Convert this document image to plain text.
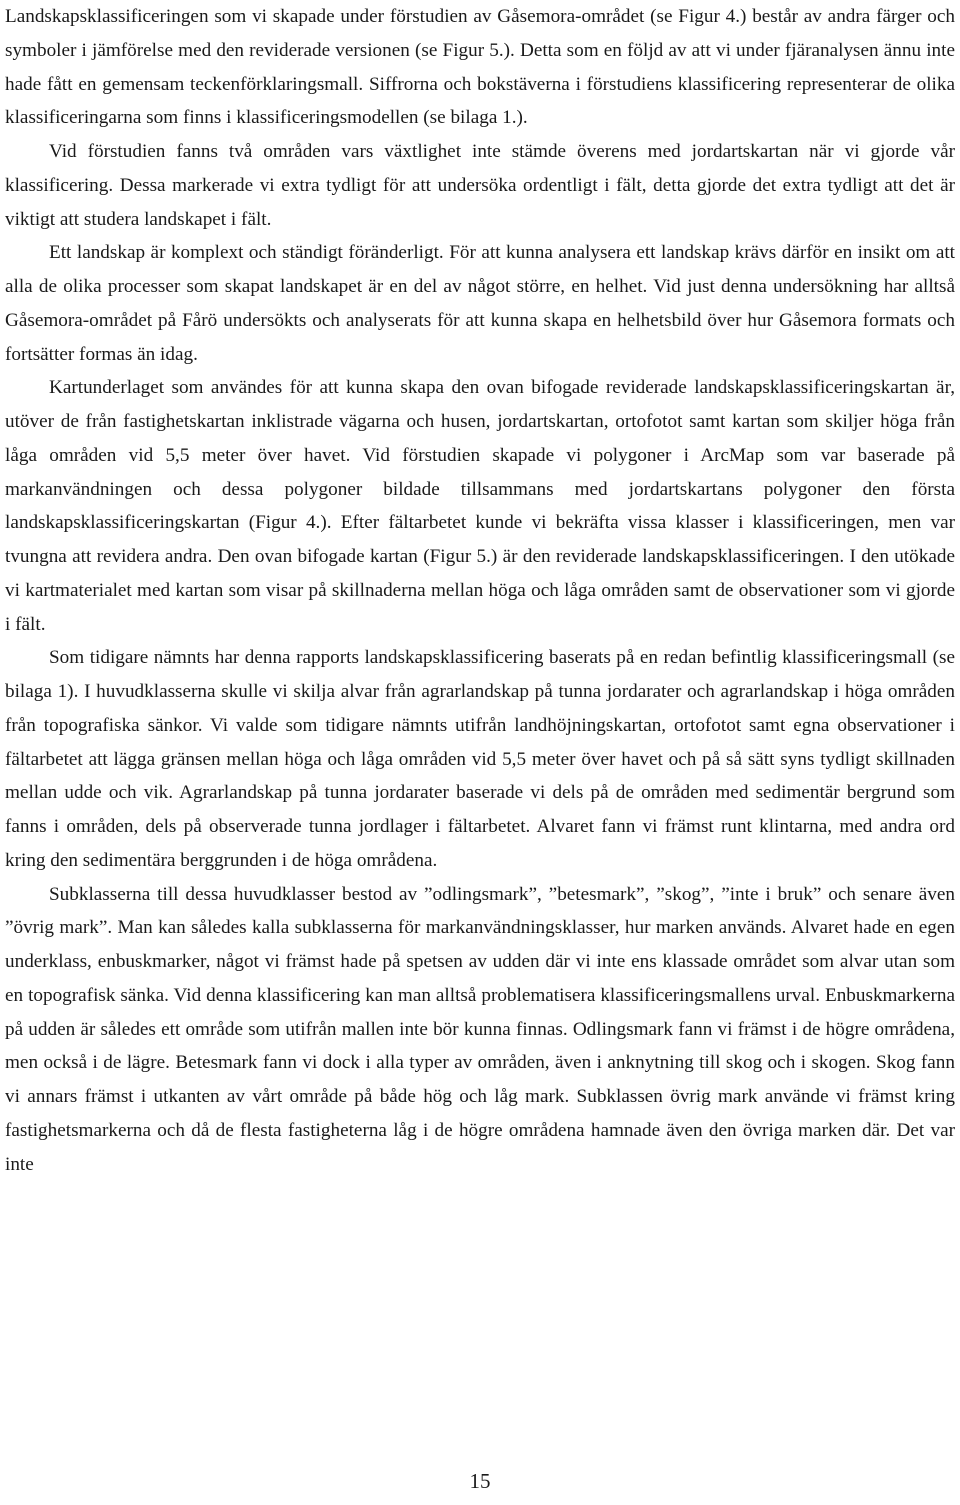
Landskapsklassificeringen som vi skapade under förstudien av Gåsemora-området (se Figur 4.) består av andra färger och symboler i jämförelse med den reviderade versionen (se Figur 5.). Detta som en följd av att vi under fjäranalysen ännu inte hade fått en gemensam teckenförklaringsmall. Siffrorna och bokstäverna i förstudiens klassificering representerar de olika klassificeringarna som finns i klassificeringsmodellen (se bilaga 1.).

Vid förstudien fanns två områden vars växtlighet inte stämde överens med jordartskartan när vi gjorde vår klassificering. Dessa markerade vi extra tydligt för att undersöka ordentligt i fält, detta gjorde det extra tydligt att det är viktigt att studera landskapet i fält.

Ett landskap är komplext och ständigt föränderligt. För att kunna analysera ett landskap krävs därför en insikt om att alla de olika processer som skapat landskapet är en del av något större, en helhet. Vid just denna undersökning har alltså Gåsemora-området på Fårö undersökts och analyserats för att kunna skapa en helhetsbild över hur Gåsemora formats och fortsätter formas än idag.

Kartunderlaget som användes för att kunna skapa den ovan bifogade reviderade landskapsklassificeringskartan är, utöver de från fastighetskartan inklistrade vägarna och husen, jordartskartan, ortofotot samt kartan som skiljer höga från låga områden vid 5,5 meter över havet. Vid förstudien skapade vi polygoner i ArcMap som var baserade på markanvändningen och dessa polygoner bildade tillsammans med jordartskartans polygoner den första landskapsklassificeringskartan (Figur 4.). Efter fältarbetet kunde vi bekräfta vissa klasser i klassificeringen, men var tvungna att revidera andra. Den ovan bifogade kartan (Figur 5.) är den reviderade landskapsklassificeringen. I den utökade vi kartmaterialet med kartan som visar på skillnaderna mellan höga och låga områden samt de observationer som vi gjorde i fält.

Som tidigare nämnts har denna rapports landskapsklassificering baserats på en redan befintlig klassificeringsmall (se bilaga 1). I huvudklasserna skulle vi skilja alvar från agrarlandskap på tunna jordarater och agrarlandskap i höga områden från topografiska sänkor. Vi valde som tidigare nämnts utifrån landhöjningskartan, ortofotot samt egna observationer i fältarbetet att lägga gränsen mellan höga och låga områden vid 5,5 meter över havet och på så sätt syns tydligt skillnaden mellan udde och vik. Agrarlandskap på tunna jordarater baserade vi dels på de områden med sedimentär bergrund som fanns i områden, dels på observerade tunna jordlager i fältarbetet. Alvaret fann vi främst runt klintarna, med andra ord kring den sedimentära berggrunden i de höga områdena.

Subklasserna till dessa huvudklasser bestod av ”odlingsmark”, ”betesmark”, ”skog”, ”inte i bruk” och senare även ”övrig mark”. Man kan således kalla subklasserna för markanvändningsklasser, hur marken används. Alvaret hade en egen underklass, enbuskmarker, något vi främst hade på spetsen av udden där vi inte ens klassade området som alvar utan som en topografisk sänka. Vid denna klassificering kan man alltså problematisera klassificeringsmallens urval. Enbuskmarkerna på udden är således ett område som utifrån mallen inte bör kunna finnas. Odlingsmark fann vi främst i de högre områdena, men också i de lägre. Betesmark fann vi dock i alla typer av områden, även i anknytning till skog och i skogen. Skog fann vi annars främst i utkanten av vårt område på både hög och låg mark. Subklassen övrig mark använde vi främst kring fastighetsmarkerna och då de flesta fastigheterna låg i de högre områdena hamnade även den övriga marken där. Det var inte

15
